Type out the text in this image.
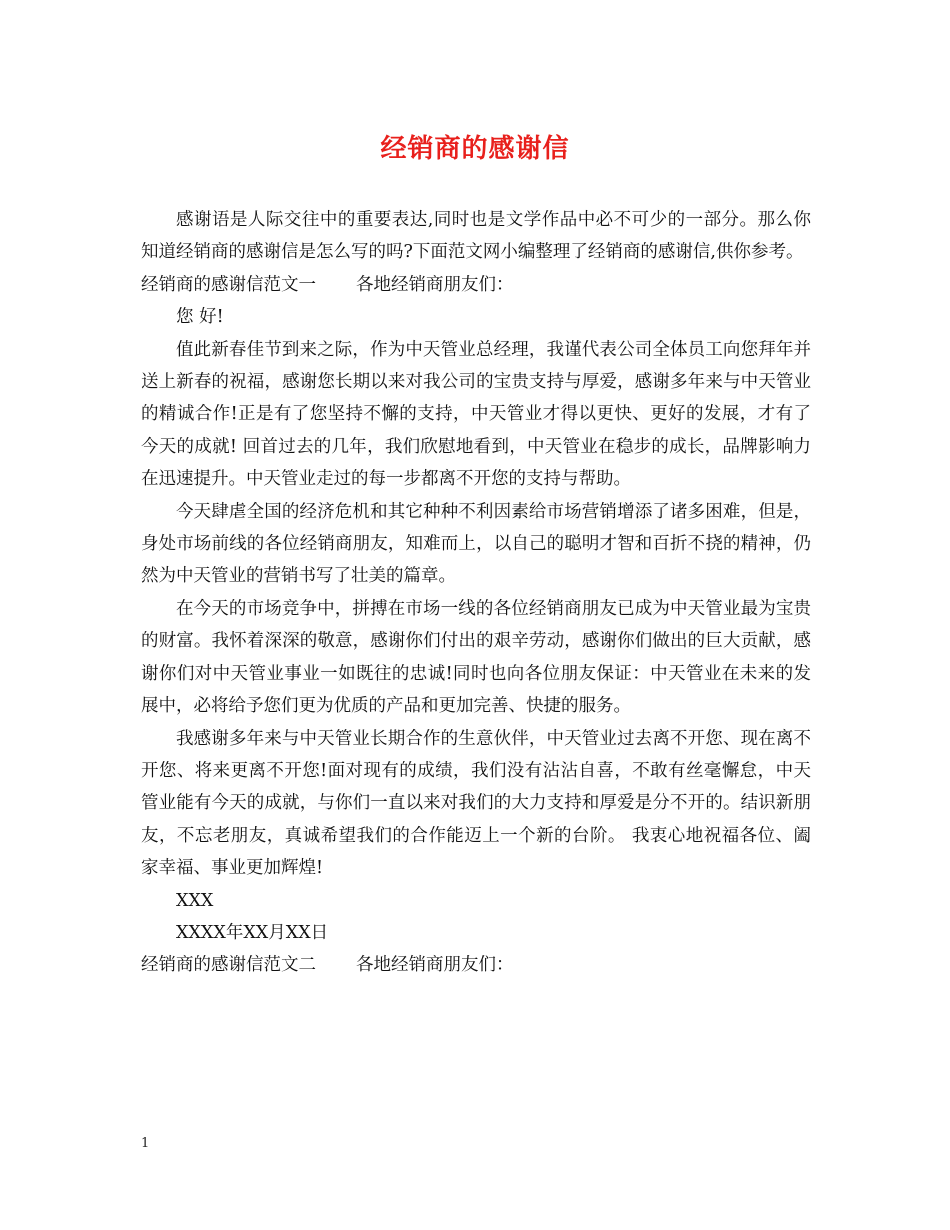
经销商的感谢信

感谢语是人际交往中的重要表达,同时也是文学作品中必不可少的一部分。那么你知道经销商的感谢信是怎么写的吗?下面范文网小编整理了经销商的感谢信,供你参考。

经销商的感谢信范文一 各地经销商朋友们：

您 好!

值此新春佳节到来之际，作为中天管业总经理，我谨代表公司全体员工向您拜年并送上新春的祝福，感谢您长期以来对我公司的宝贵支持与厚爱，感谢多年来与中天管业的精诚合作!正是有了您坚持不懈的支持，中天管业才得以更快、更好的发展，才有了今天的成就! 回首过去的几年，我们欣慰地看到，中天管业在稳步的成长，品牌影响力在迅速提升。中天管业走过的每一步都离不开您的支持与帮助。

今天肆虐全国的经济危机和其它种种不利因素给市场营销增添了诸多困难，但是，身处市场前线的各位经销商朋友，知难而上，以自己的聪明才智和百折不挠的精神，仍然为中天管业的营销书写了壮美的篇章。

在今天的市场竞争中，拼搏在市场一线的各位经销商朋友已成为中天管业最为宝贵的财富。我怀着深深的敬意，感谢你们付出的艰辛劳动，感谢你们做出的巨大贡献，感谢你们对中天管业事业一如既往的忠诚!同时也向各位朋友保证：中天管业在未来的发展中，必将给予您们更为优质的产品和更加完善、快捷的服务。

我感谢多年来与中天管业长期合作的生意伙伴，中天管业过去离不开您、现在离不开您、将来更离不开您!面对现有的成绩，我们没有沾沾自喜，不敢有丝毫懈怠，中天管业能有今天的成就，与你们一直以来对我们的大力支持和厚爱是分不开的。结识新朋友，不忘老朋友，真诚希望我们的合作能迈上一个新的台阶。 我衷心地祝福各位、阖家幸福、事业更加辉煌!

XXX

XXXX年XX月XX日

经销商的感谢信范文二 各地经销商朋友们：

1
